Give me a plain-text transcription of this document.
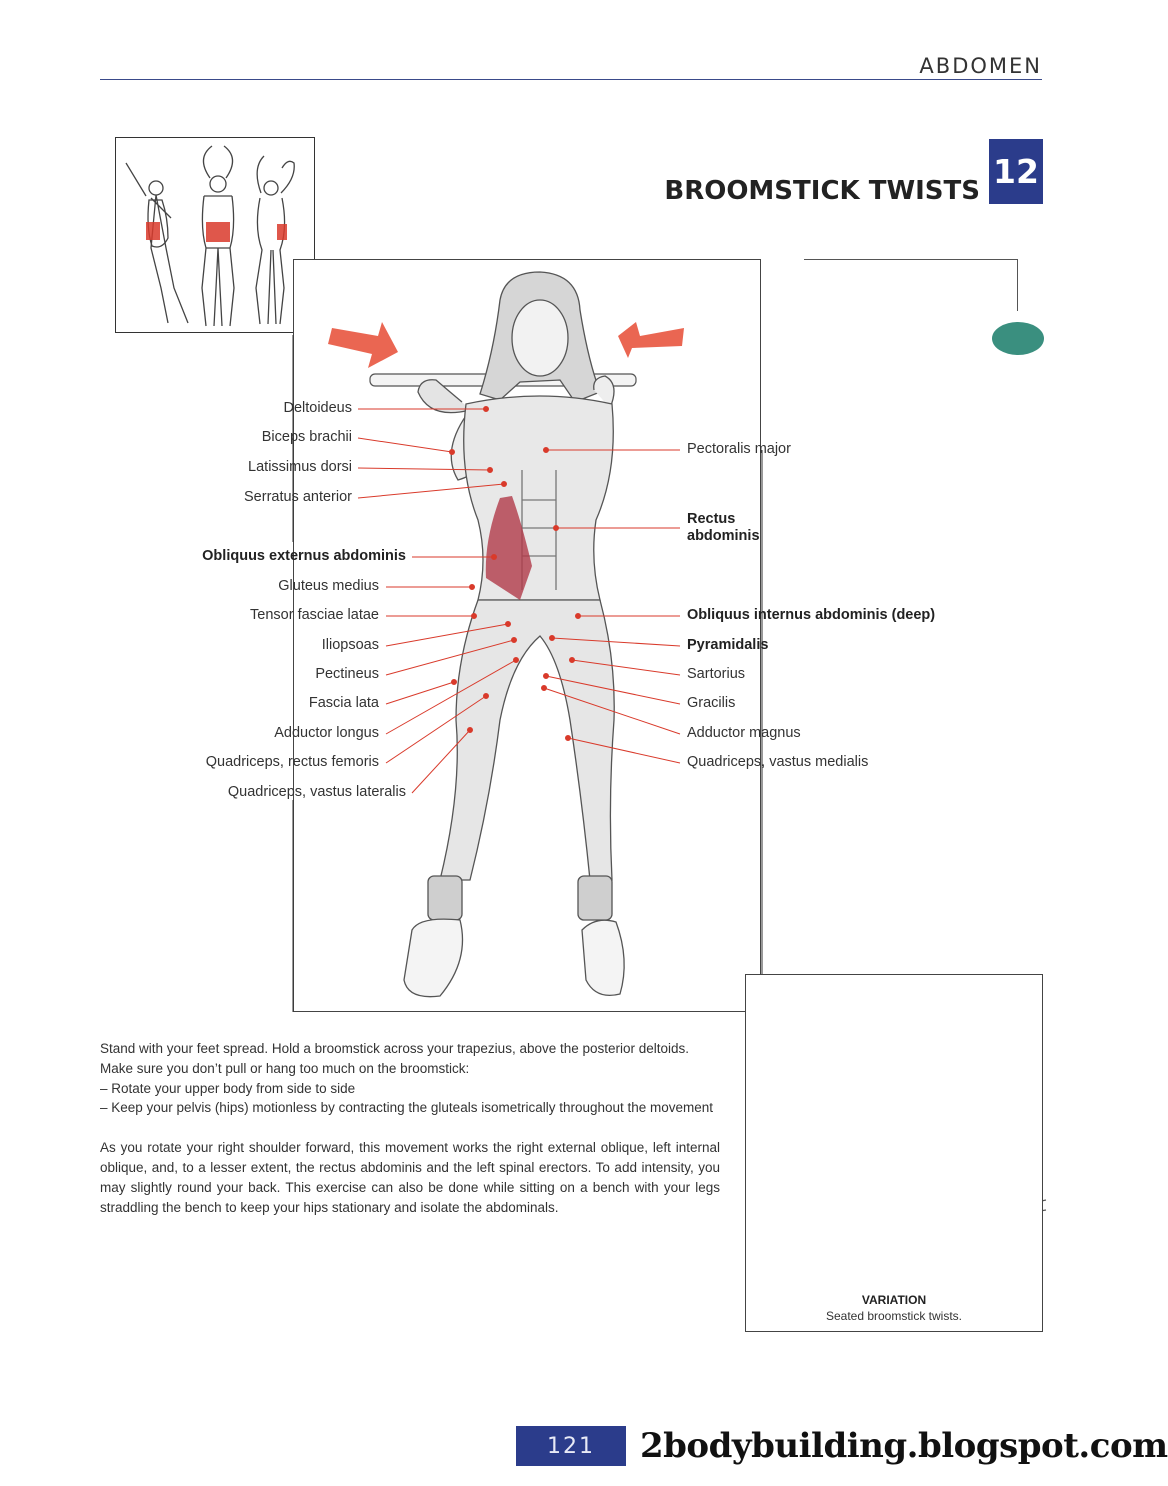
ABDOMEN
BROOMSTICK TWISTS 12
Deltoideus
Biceps brachii
Latissimus dorsi
Serratus anterior
Obliquus externus abdominis
Gluteus medius
Tensor fasciae latae
Iliopsoas
Pectineus
Fascia lata
Adductor longus
Quadriceps, rectus femoris
Quadriceps, vastus lateralis
Pectoralis major
Rectus
abdominis
Obliquus internus abdominis (deep)
Pyramidalis
Sartorius
Gracilis
Adductor magnus
Quadriceps, vastus medialis

Stand with your feet spread. Hold a broomstick across your trapezius, above the posterior deltoids. Make sure you don’t pull or hang too much on the broomstick:
– Rotate your upper body from side to side
– Keep your pelvis (hips) motionless by contracting the gluteals isometrically throughout the movement

As you rotate your right shoulder forward, this movement works the right external oblique, left internal oblique, and, to a lesser extent, the rectus abdominis and the left spinal erectors. To add intensity, you may slightly round your back. This exercise can also be done while sitting on a bench with your legs straddling the bench to keep your hips stationary and isolate the abdominals.

VARIATION
Seated broomstick twists.
121	2bodybuilding.blogspot.com
